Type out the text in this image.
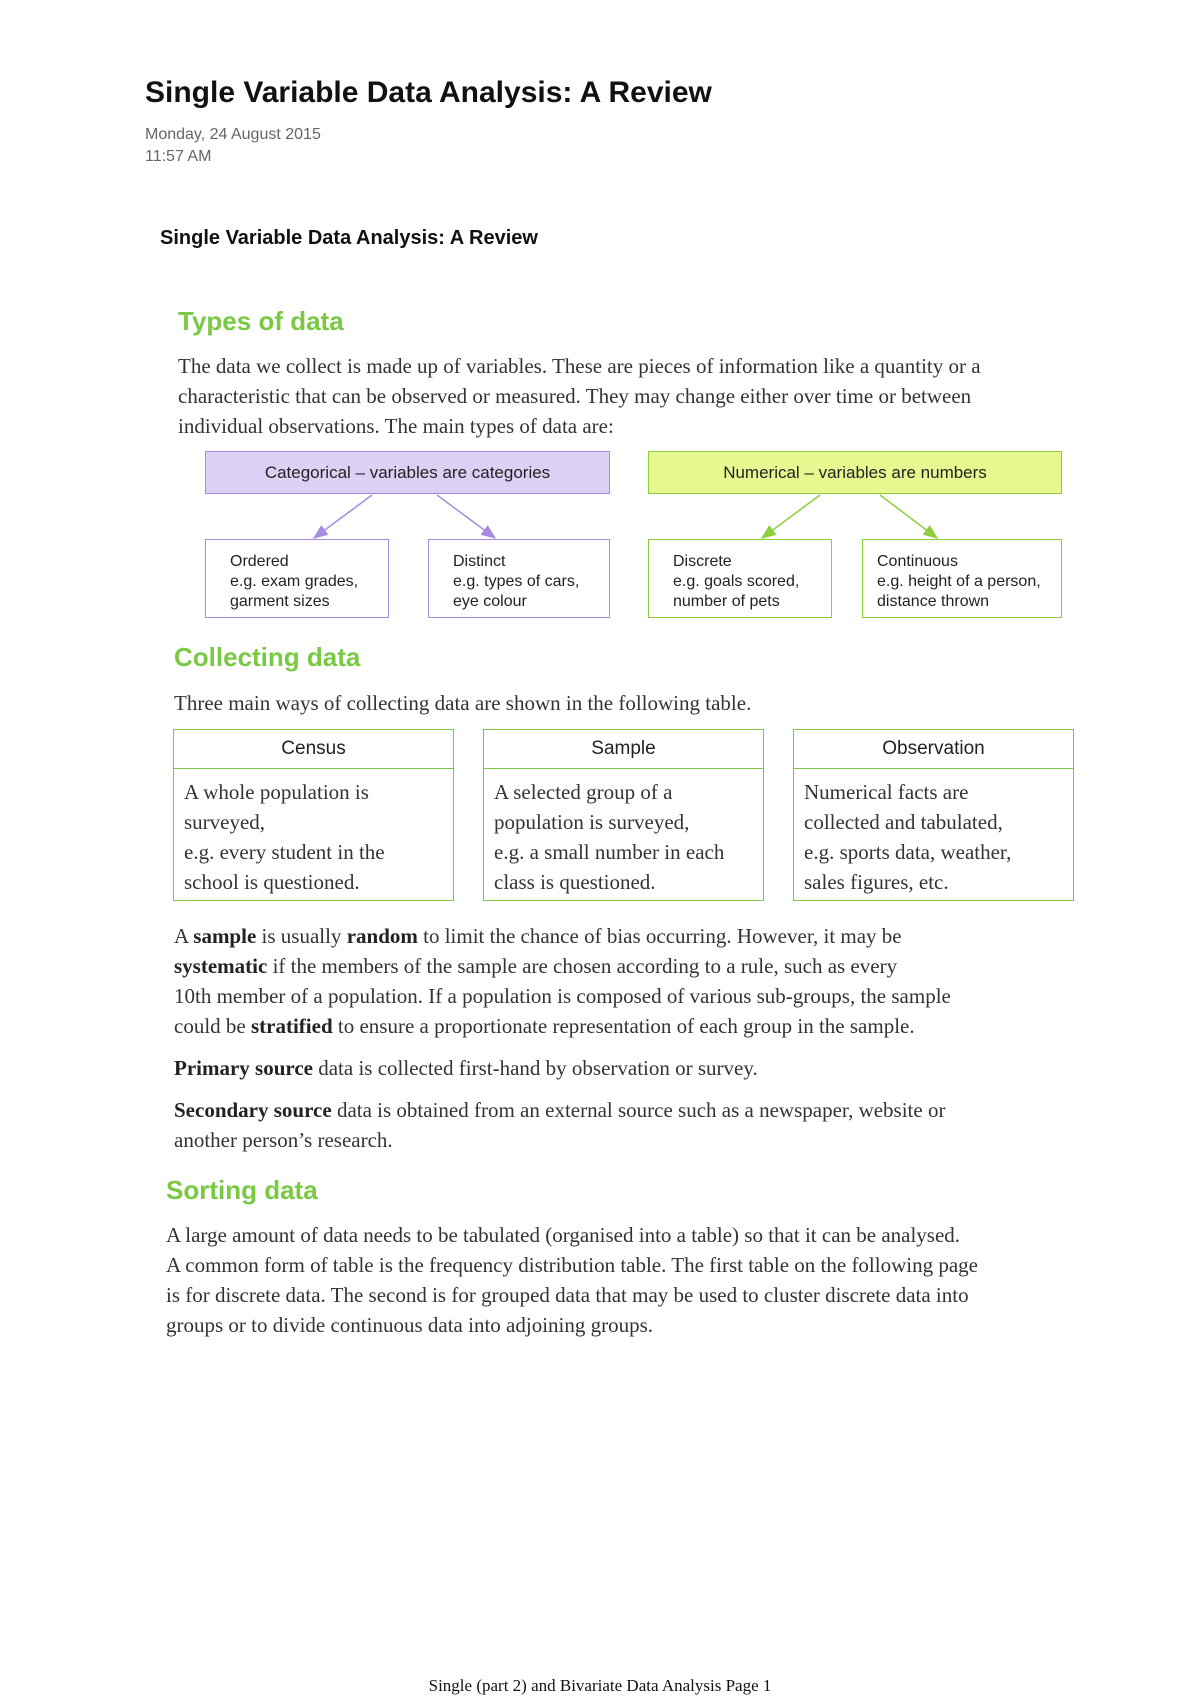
Single Variable Data Analysis: A Review
Monday, 24 August 2015
11:57 AM
Single Variable Data Analysis: A Review
Types of data
The data we collect is made up of variables. These are pieces of information like a quantity or a
characteristic that can be observed or measured. They may change either over time or between
individual observations. The main types of data are:
Categorical – variables are categories	Numerical – variables are numbers
Ordered
e.g. exam grades,
garment sizes
Distinct
e.g. types of cars,
eye colour
Discrete
e.g. goals scored,
number of pets
Continuous
e.g. height of a person,
distance thrown
Collecting data
Three main ways of collecting data are shown in the following table.
Census
A whole population is
surveyed,
e.g. every student in the
school is questioned.
Sample
A selected group of a
population is surveyed,
e.g. a small number in each
class is questioned.
Observation
Numerical facts are
collected and tabulated,
e.g. sports data, weather,
sales figures, etc.
A sample is usually random to limit the chance of bias occurring. However, it may be
systematic if the members of the sample are chosen according to a rule, such as every
10th member of a population. If a population is composed of various sub-groups, the sample
could be stratified to ensure a proportionate representation of each group in the sample.
Primary source data is collected first-hand by observation or survey.
Secondary source data is obtained from an external source such as a newspaper, website or
another person’s research.
Sorting data
A large amount of data needs to be tabulated (organised into a table) so that it can be analysed.
A common form of table is the frequency distribution table. The first table on the following page
is for discrete data. The second is for grouped data that may be used to cluster discrete data into
groups or to divide continuous data into adjoining groups.
Single (part 2) and Bivariate Data Analysis Page 1
